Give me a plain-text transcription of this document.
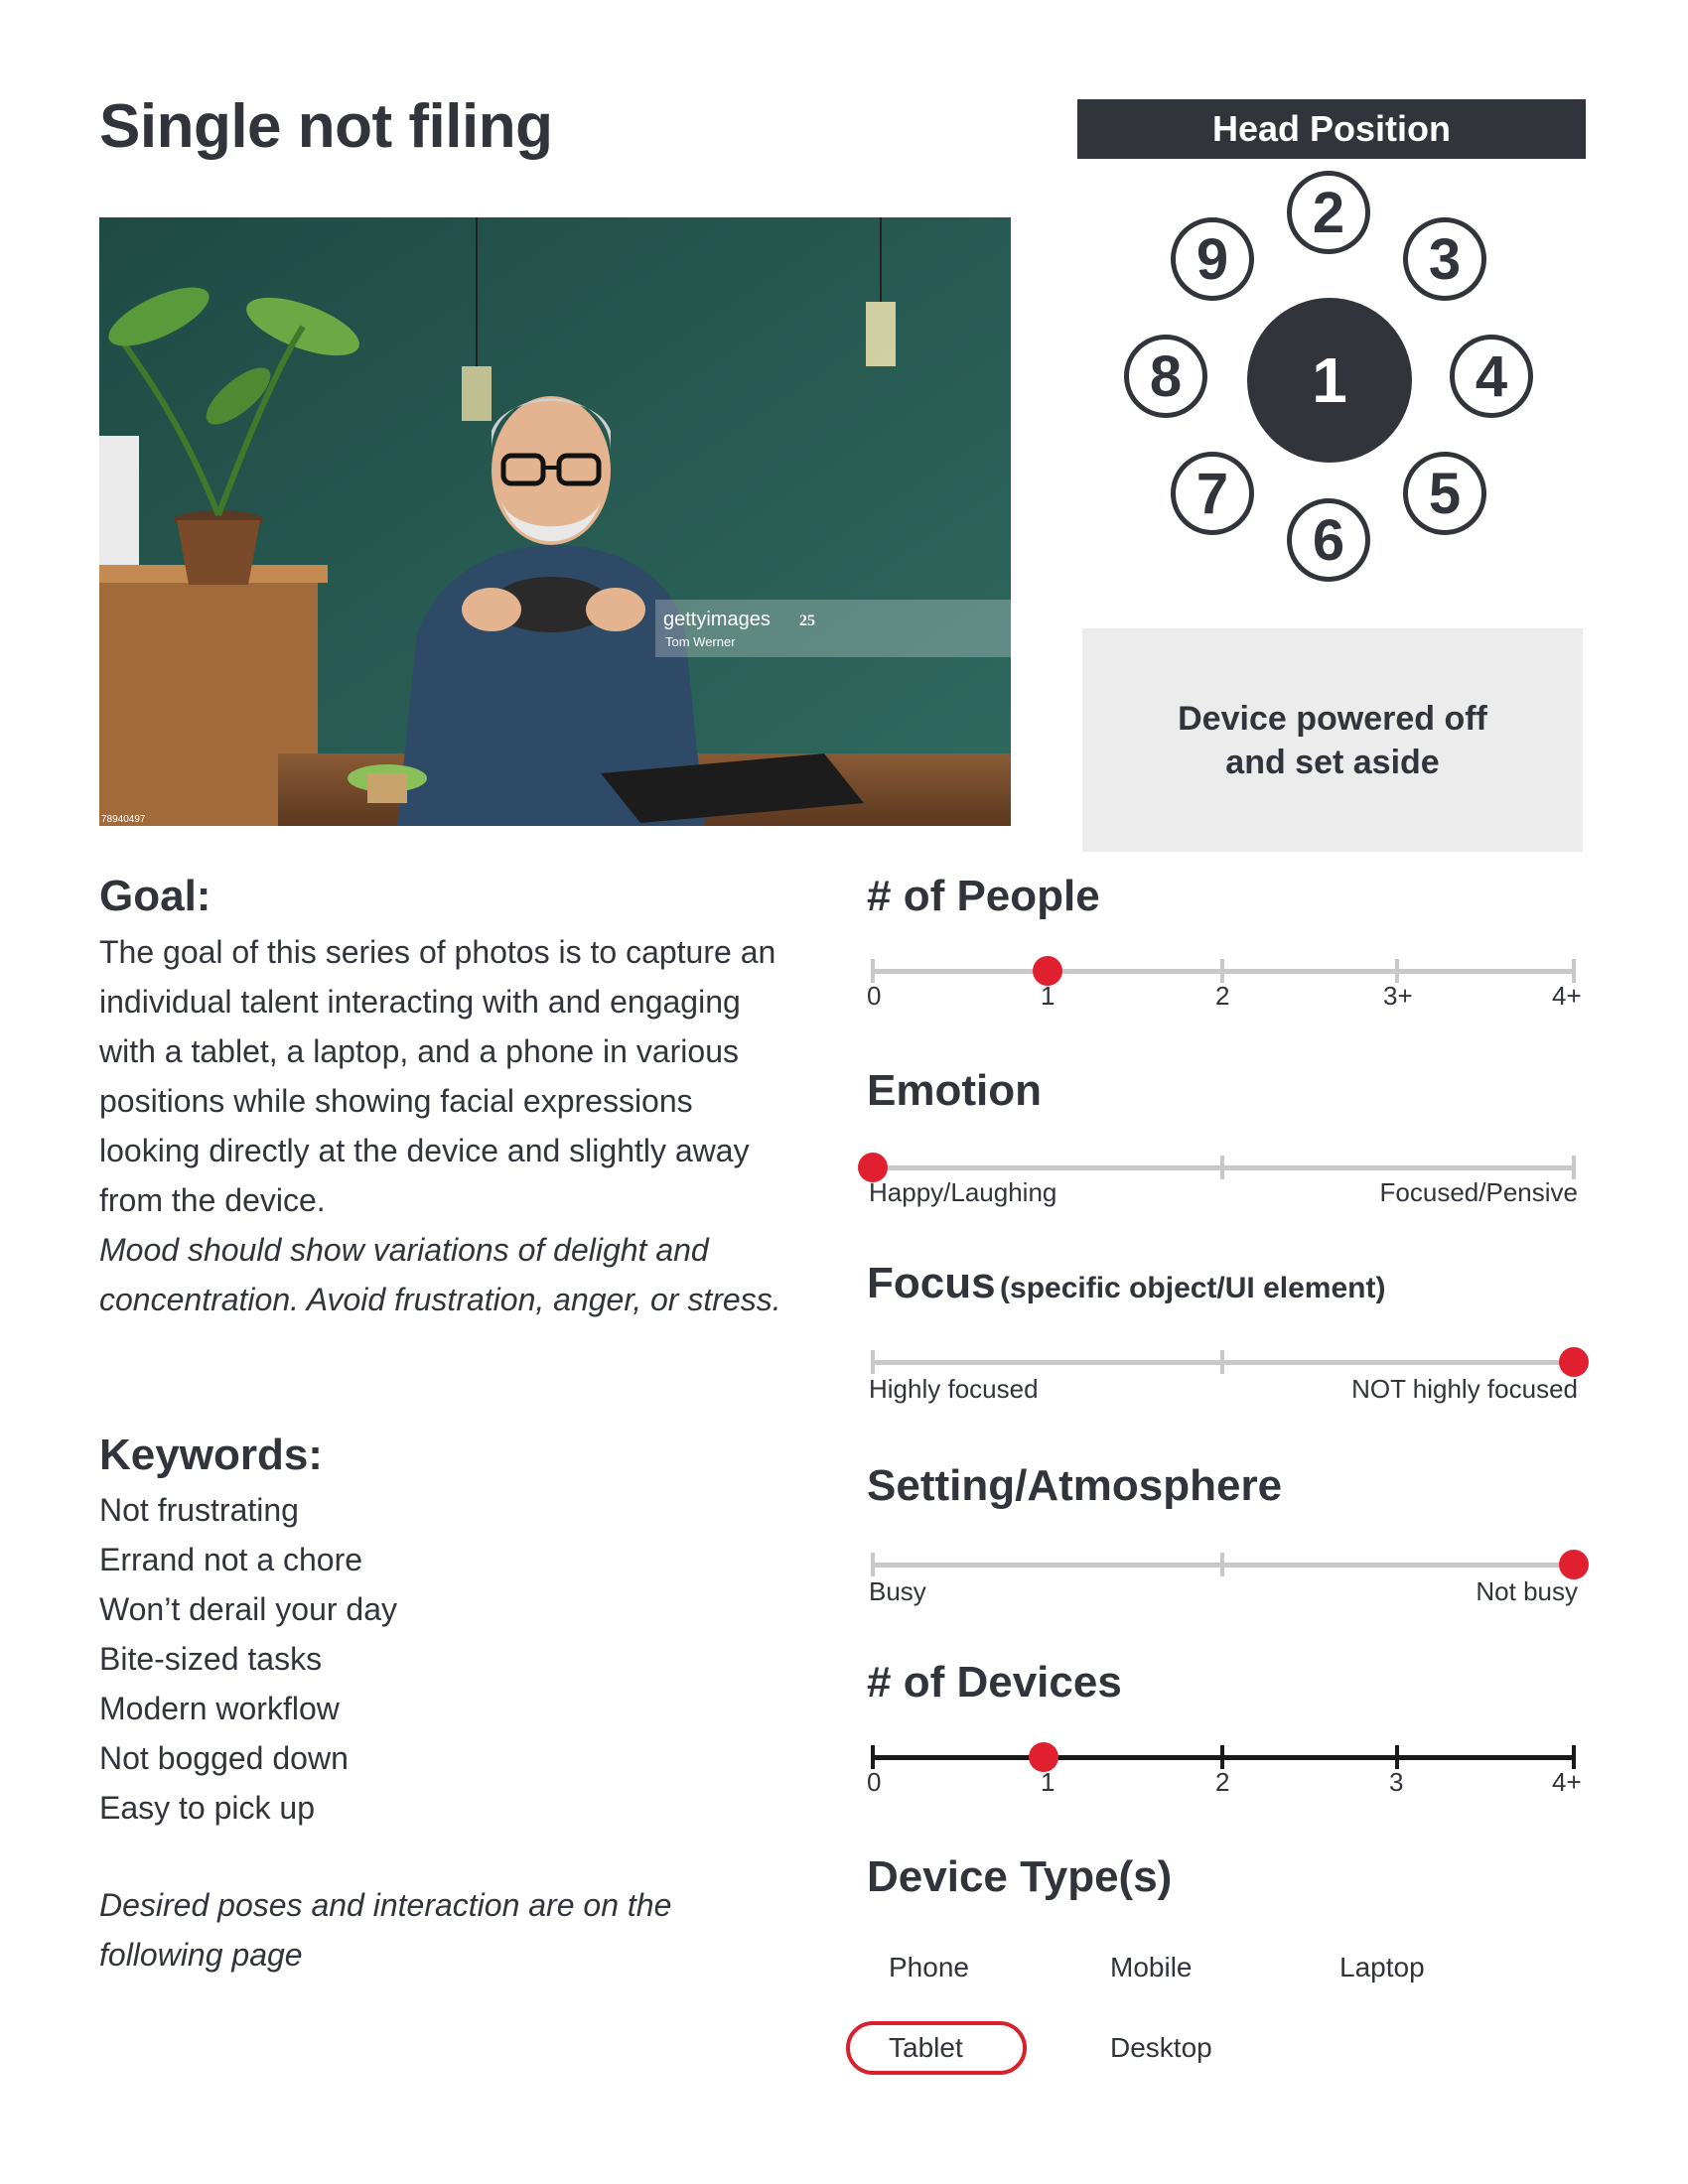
Single not filing
gettyimages
Tom Werner
25
78940497
Head Position
1
2
3
4
5
6
7
8
9
Device powered off
and set aside
Goal:
The goal of this series of photos is to capture an individual talent interacting with and engaging with a tablet, a laptop, and a phone in various positions while showing facial expressions looking directly at the device and slightly away from the device.
Mood should show variations of delight and concentration. Avoid frustration, anger, or stress.
Keywords:
Not frustrating
Errand not a chore
Won’t derail your day
Bite-sized tasks
Modern workflow
Not bogged down
Easy to pick up
Desired poses and interaction are on the following page
# of People
0	1	2	3+	4+
Emotion
Happy/Laughing	Focused/Pensive
Focus (specific object/UI element)
Highly focused	NOT highly focused
Setting/Atmosphere
Busy	Not busy
# of Devices
0	1	2	3	4+
Device Type(s)
Phone	Mobile	Laptop
Tablet	Desktop
